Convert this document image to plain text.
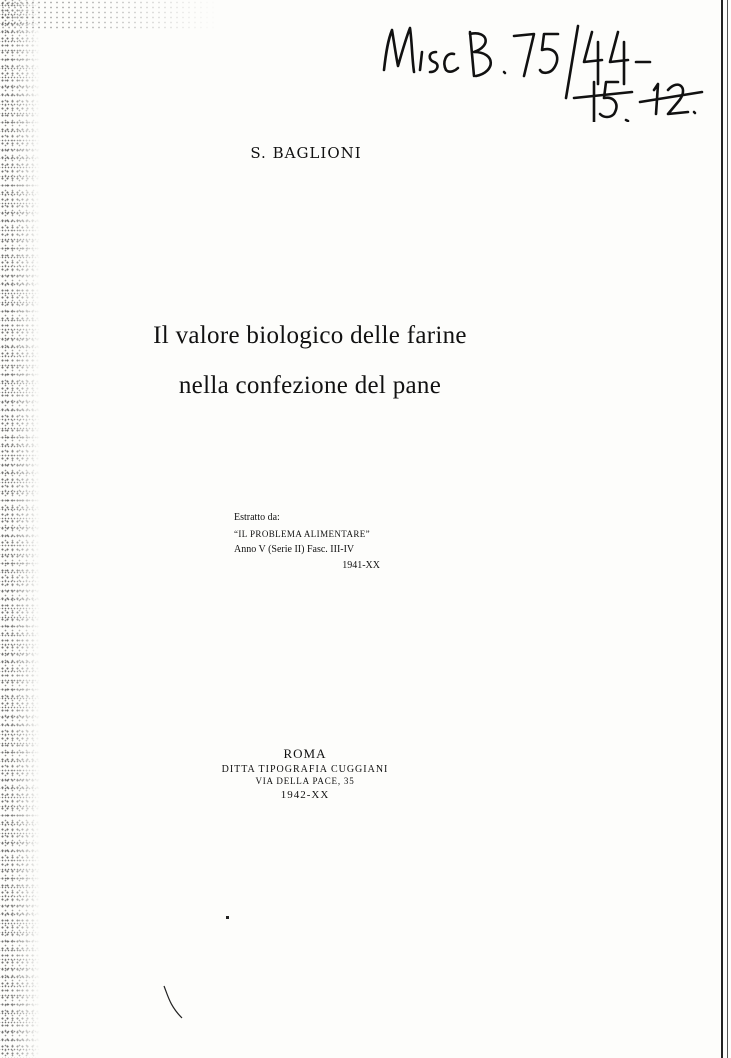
S. BAGLIONI
Il valore biologico delle farine
nella confezione del pane
Estratto da:
“IL PROBLEMA ALIMENTARE”
Anno V (Serie II) Fasc. III-IV
1941-XX
ROMA
DITTA TIPOGRAFIA CUGGIANI
VIA DELLA PACE, 35
1942-XX
